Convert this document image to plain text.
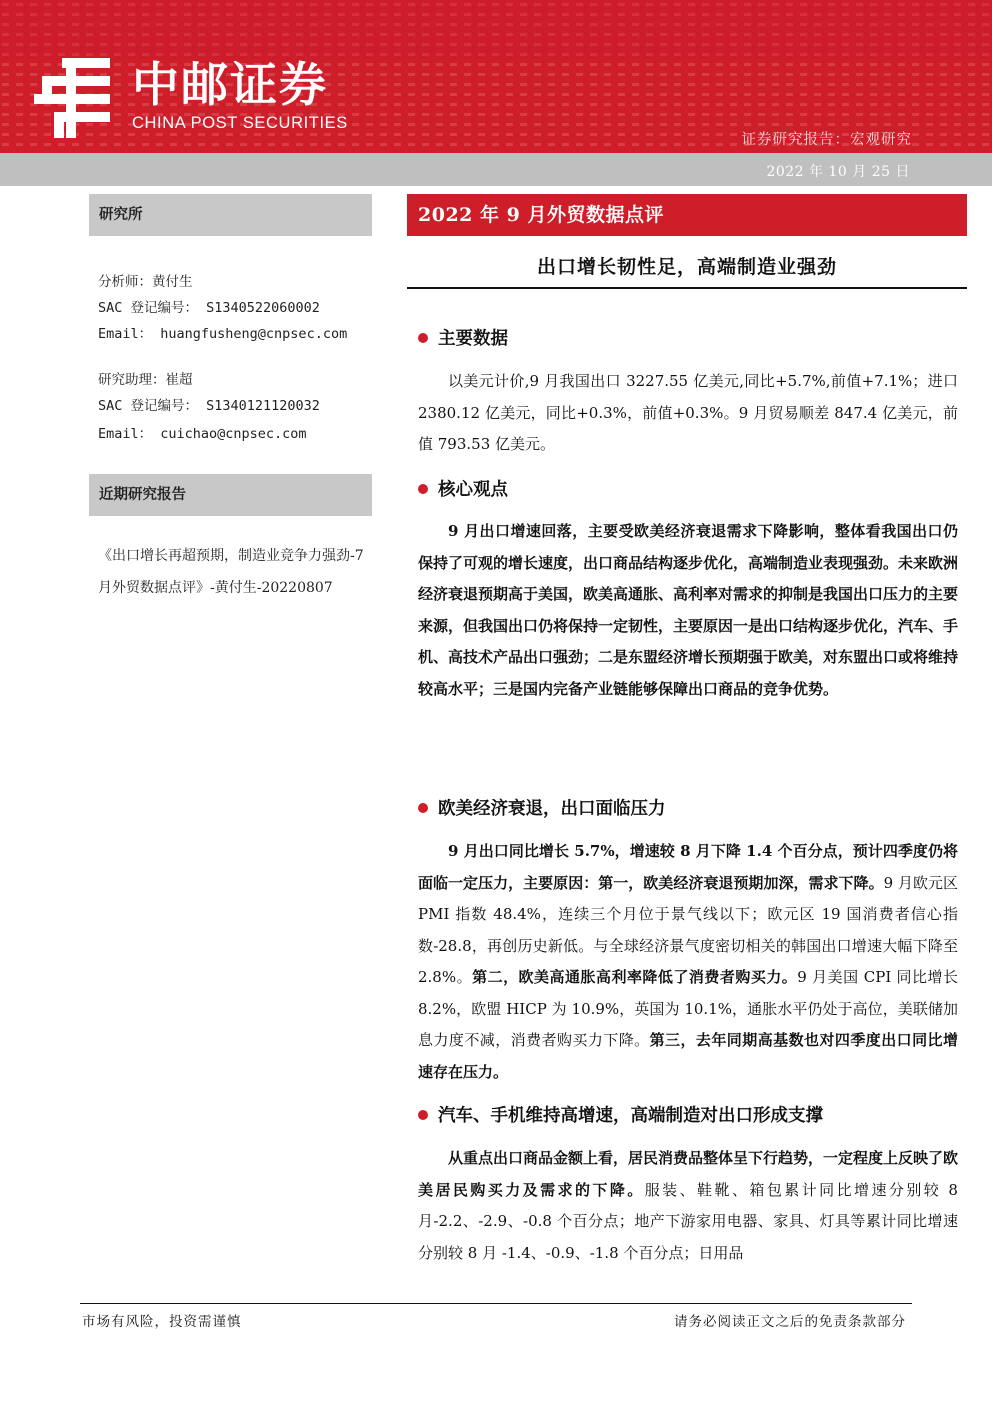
中邮证券
CHINA POST SECURITIES
证券研究报告：宏观研究
2022 年 10 月 25 日
研究所
分析师：黄付生
SAC 登记编号： S1340522060002
Email： huangfusheng@cnpsec.com
研究助理：崔超
SAC 登记编号： S1340121120032
Email： cuichao@cnpsec.com
近期研究报告
《出口增长再超预期，制造业竞争力强劲-7 月外贸数据点评》-黄付生-20220807
2022 年 9 月外贸数据点评
出口增长韧性足，高端制造业强劲
主要数据
以美元计价,9 月我国出口 3227.55 亿美元,同比+5.7%,前值+7.1%；进口 2380.12 亿美元，同比+0.3%，前值+0.3%。9 月贸易顺差 847.4 亿美元，前值 793.53 亿美元。
核心观点
9 月出口增速回落，主要受欧美经济衰退需求下降影响，整体看我国出口仍保持了可观的增长速度，出口商品结构逐步优化，高端制造业表现强劲。未来欧洲经济衰退预期高于美国，欧美高通胀、高利率对需求的抑制是我国出口压力的主要来源，但我国出口仍将保持一定韧性，主要原因一是出口结构逐步优化，汽车、手机、高技术产品出口强劲；二是东盟经济增长预期强于欧美，对东盟出口或将维持较高水平；三是国内完备产业链能够保障出口商品的竞争优势。
欧美经济衰退，出口面临压力
9 月出口同比增长 5.7%，增速较 8 月下降 1.4 个百分点，预计四季度仍将面临一定压力，主要原因：第一，欧美经济衰退预期加深，需求下降。9 月欧元区 PMI 指数 48.4%，连续三个月位于景气线以下；欧元区 19 国消费者信心指数-28.8，再创历史新低。与全球经济景气度密切相关的韩国出口增速大幅下降至 2.8%。第二，欧美高通胀高利率降低了消费者购买力。9 月美国 CPI 同比增长 8.2%，欧盟 HICP 为 10.9%，英国为 10.1%，通胀水平仍处于高位，美联储加息力度不减，消费者购买力下降。第三，去年同期高基数也对四季度出口同比增速存在压力。
汽车、手机维持高增速，高端制造对出口形成支撑
从重点出口商品金额上看，居民消费品整体呈下行趋势，一定程度上反映了欧美居民购买力及需求的下降。服装、鞋靴、箱包累计同比增速分别较 8 月-2.2、-2.9、-0.8 个百分点；地产下游家用电器、家具、灯具等累计同比增速分别较 8 月 -1.4、-0.9、-1.8 个百分点；日用品
市场有风险，投资需谨慎	请务必阅读正文之后的免责条款部分
